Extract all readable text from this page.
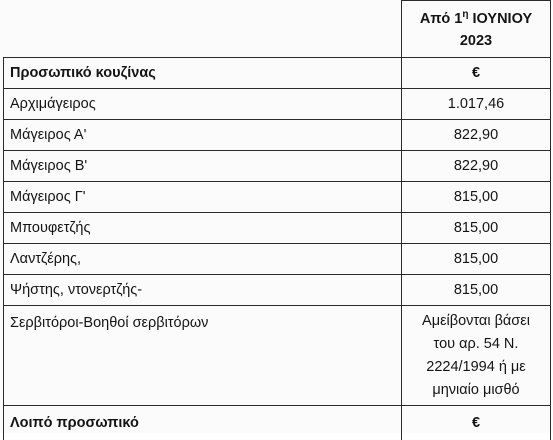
	Από $1^\eta$ ΙΟΥΝΙΟΥ
2023
Προσωπικό κουζίνας	€
Αρχιμάγειρος	1.017,46
Μάγειρος Α'	822,90
Μάγειρος Β'	822,90
Μάγειρος Γ'	815,00
Μπουφετζής	815,00
Λαντζέρης,	815,00
Ψήστης, ντονερτζής-	815,00
Σερβιτόροι-Βοηθοί σερβιτόρων	Αμείβονται βάσει
του αρ. 54 Ν.
2224/1994 ή με
μηνιαίο μισθό
Λοιπό προσωπικό	€
